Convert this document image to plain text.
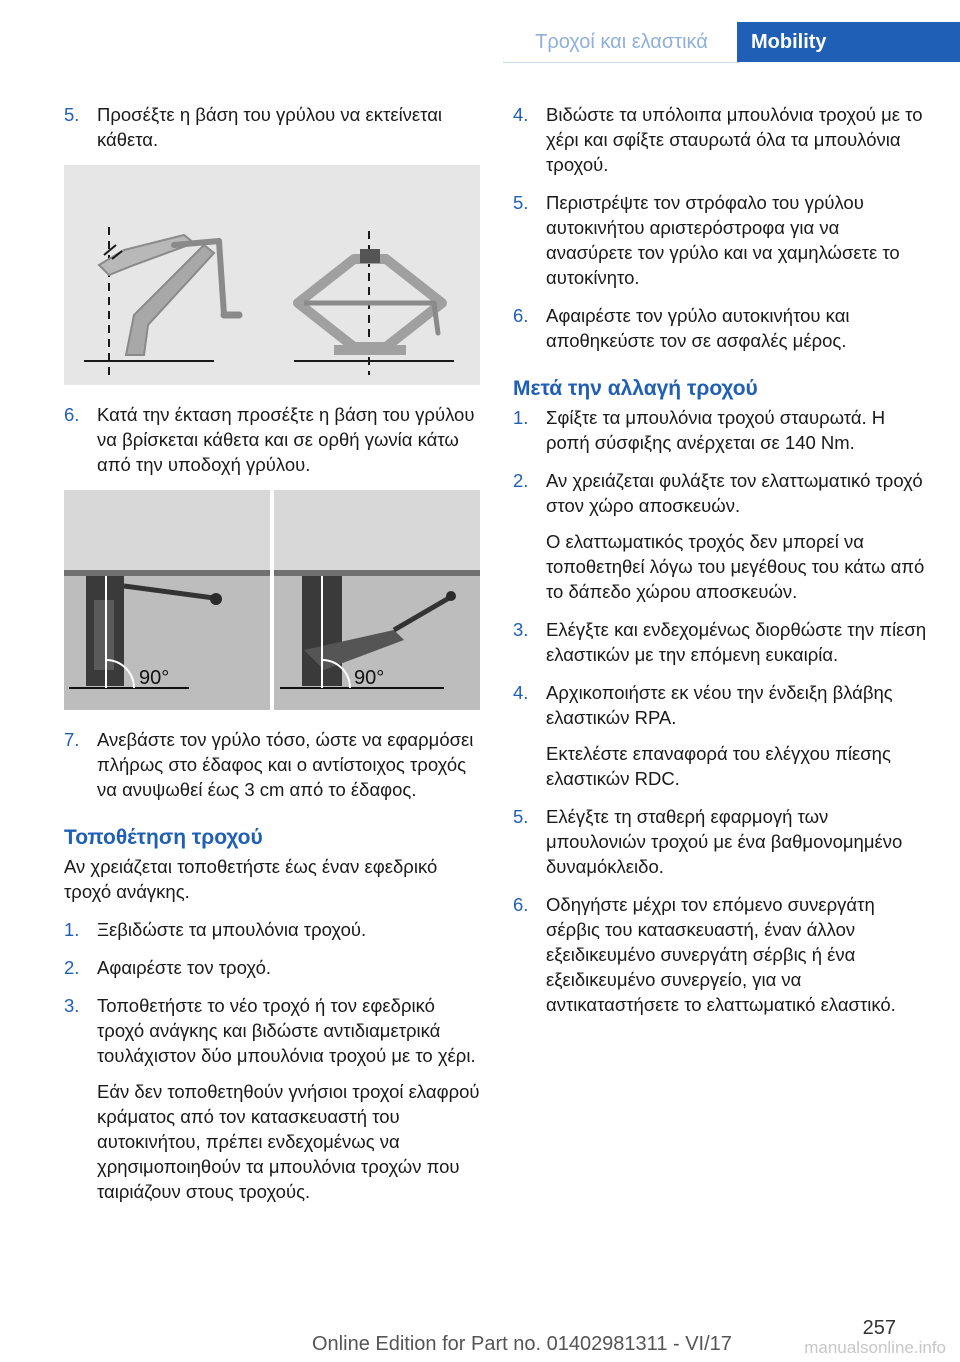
Τροχοί και ελαστικά	Mobility
5. Προσέξτε η βάση του γρύλου να εκτείνεται κάθετα.

6. Κατά την έκταση προσέξτε η βάση του γρύλου να βρίσκεται κάθετα και σε ορθή γωνία κάτω από την υποδοχή γρύλου.

90°	90°
7. Ανεβάστε τον γρύλο τόσο, ώστε να εφαρμόσει πλήρως στο έδαφος και ο αντίστοιχος τροχός να ανυψωθεί έως 3 cm από το έδαφος.

Τοποθέτηση τροχού

Αν χρειάζεται τοποθετήστε έως έναν εφεδρικό τροχό ανάγκης.

1. Ξεβιδώστε τα μπουλόνια τροχού.

2. Αφαιρέστε τον τροχό.

3. Τοποθετήστε το νέο τροχό ή τον εφεδρικό τροχό ανάγκης και βιδώστε αντιδιαμετρικά τουλάχιστον δύο μπουλόνια τροχού με το χέρι.

Εάν δεν τοποθετηθούν γνήσιοι τροχοί ελαφρού κράματος από τον κατασκευαστή του αυτοκινήτου, πρέπει ενδεχομένως να χρησιμοποιηθούν τα μπουλόνια τροχών που ταιριάζουν στους τροχούς.

4. Βιδώστε τα υπόλοιπα μπουλόνια τροχού με το χέρι και σφίξτε σταυρωτά όλα τα μπουλόνια τροχού.

5. Περιστρέψτε τον στρόφαλο του γρύλου αυτοκινήτου αριστερόστροφα για να ανασύρετε τον γρύλο και να χαμηλώσετε το αυτοκίνητο.

6. Αφαιρέστε τον γρύλο αυτοκινήτου και αποθηκεύστε τον σε ασφαλές μέρος.

Μετά την αλλαγή τροχού
1. Σφίξτε τα μπουλόνια τροχού σταυρωτά. Η ροπή σύσφιξης ανέρχεται σε 140 Nm.

2. Αν χρειάζεται φυλάξτε τον ελαττωματικό τροχό στον χώρο αποσκευών.

Ο ελαττωματικός τροχός δεν μπορεί να τοποθετηθεί λόγω του μεγέθους του κάτω από το δάπεδο χώρου αποσκευών.

3. Ελέγξτε και ενδεχομένως διορθώστε την πίεση ελαστικών με την επόμενη ευκαιρία.

4. Αρχικοποιήστε εκ νέου την ένδειξη βλάβης ελαστικών RPA.

Εκτελέστε επαναφορά του ελέγχου πίεσης ελαστικών RDC.

5. Ελέγξτε τη σταθερή εφαρμογή των μπουλονιών τροχού με ένα βαθμονομημένο δυναμόκλειδο.

6. Οδηγήστε μέχρι τον επόμενο συνεργάτη σέρβις του κατασκευαστή, έναν άλλον εξειδικευμένο συνεργάτη σέρβις ή ένα εξειδικευμένο συνεργείο, για να αντικαταστήσετε το ελαττωματικό ελαστικό.

257
Online Edition for Part no. 01402981311 - VI/17	manualsonline.info
